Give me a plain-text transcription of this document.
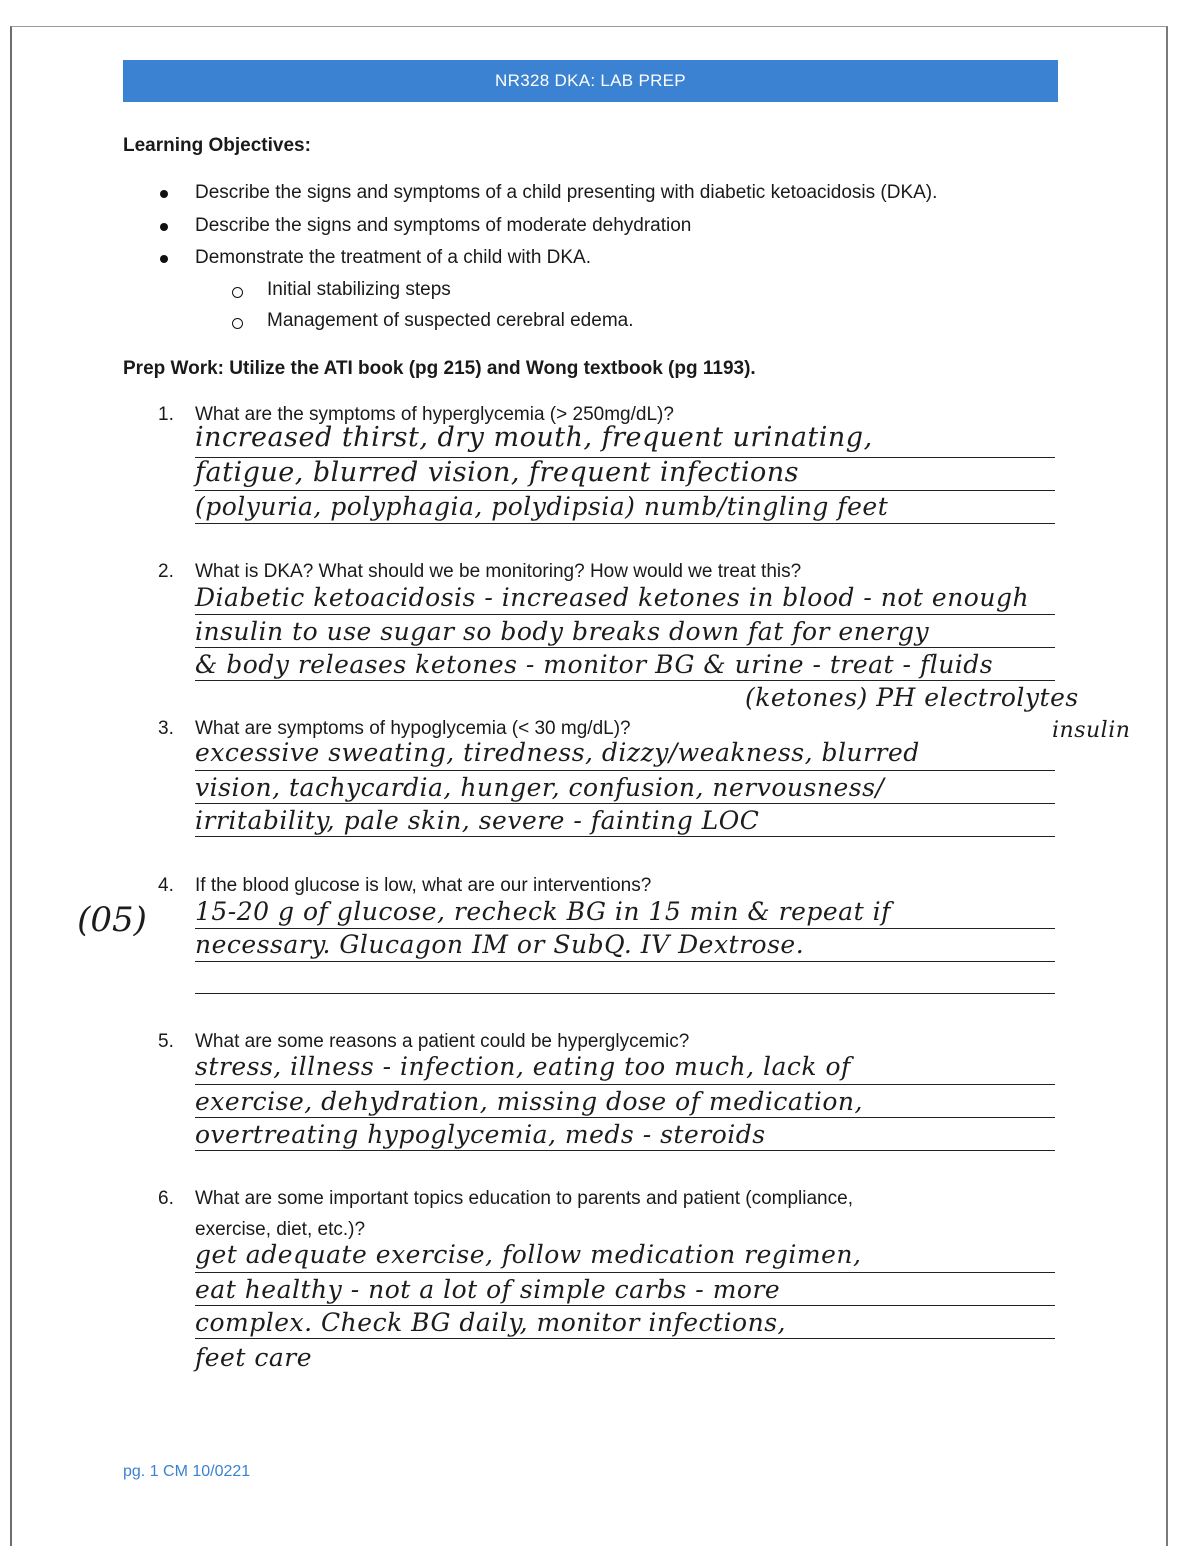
NR328 DKA: LAB PREP
Learning Objectives:
Describe the signs and symptoms of a child presenting with diabetic ketoacidosis (DKA).
Describe the signs and symptoms of moderate dehydration
Demonstrate the treatment of a child with DKA.
Initial stabilizing steps
Management of suspected cerebral edema.
Prep Work: Utilize the ATI book (pg 215) and Wong textbook (pg 1193).
1. What are the symptoms of hyperglycemia (> 250mg/dL)?
increased thirst, dry mouth, frequent urinating,
fatigue, blurred vision, frequent infections
(polyuria, polyphagia, polydipsia) numb/tingling feet
2. What is DKA? What should we be monitoring? How would we treat this?
Diabetic ketoacidosis - increased ketones in blood - not enough
insulin to use sugar so body breaks down fat for energy
& body releases ketones - monitor BG & urine - treat - fluids
(ketones) PH electrolytes
insulin
3. What are symptoms of hypoglycemia (< 30 mg/dL)?
excessive sweating, tiredness, dizzy/weakness, blurred
vision, tachycardia, hunger, confusion, nervousness/
irritability, pale skin, severe - fainting LOC
(05)
4. If the blood glucose is low, what are our interventions?
15-20 g of glucose, recheck BG in 15 min & repeat if
necessary. Glucagon IM or SubQ. IV Dextrose.
5. What are some reasons a patient could be hyperglycemic?
stress, illness - infection, eating too much, lack of
exercise, dehydration, missing dose of medication,
overtreating hypoglycemia, meds - steroids
6. What are some important topics education to parents and patient (compliance,
exercise, diet, etc.)?
get adequate exercise, follow medication regimen,
eat healthy - not a lot of simple carbs - more
complex. Check BG daily, monitor infections,
feet care
pg. 1 CM 10/0221
